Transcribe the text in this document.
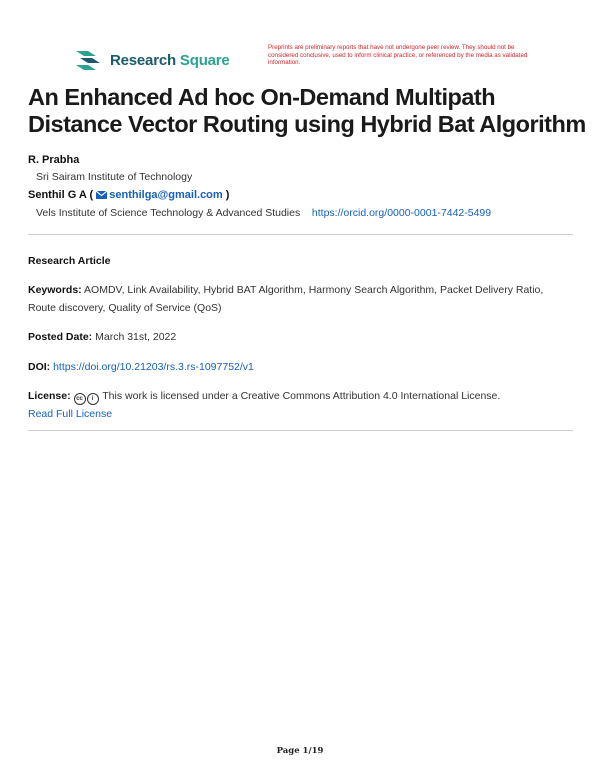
Research Square
Preprints are preliminary reports that have not undergone peer review. They should not be considered conclusive, used to inform clinical practice, or referenced by the media as validated information.
An Enhanced Ad hoc On-Demand Multipath Distance Vector Routing using Hybrid Bat Algorithm
R. Prabha
Sri Sairam Institute of Technology
Senthil G A ( senthilga@gmail.com )
Vels Institute of Science Technology & Advanced Studies https://orcid.org/0000-0001-7442-5499
Research Article
Keywords: AOMDV, Link Availability, Hybrid BAT Algorithm, Harmony Search Algorithm, Packet Delivery Ratio, Route discovery, Quality of Service (QoS)
Posted Date: March 31st, 2022
DOI: https://doi.org/10.21203/rs.3.rs-1097752/v1
License: cc i This work is licensed under a Creative Commons Attribution 4.0 International License.
Read Full License
Page 1/19
